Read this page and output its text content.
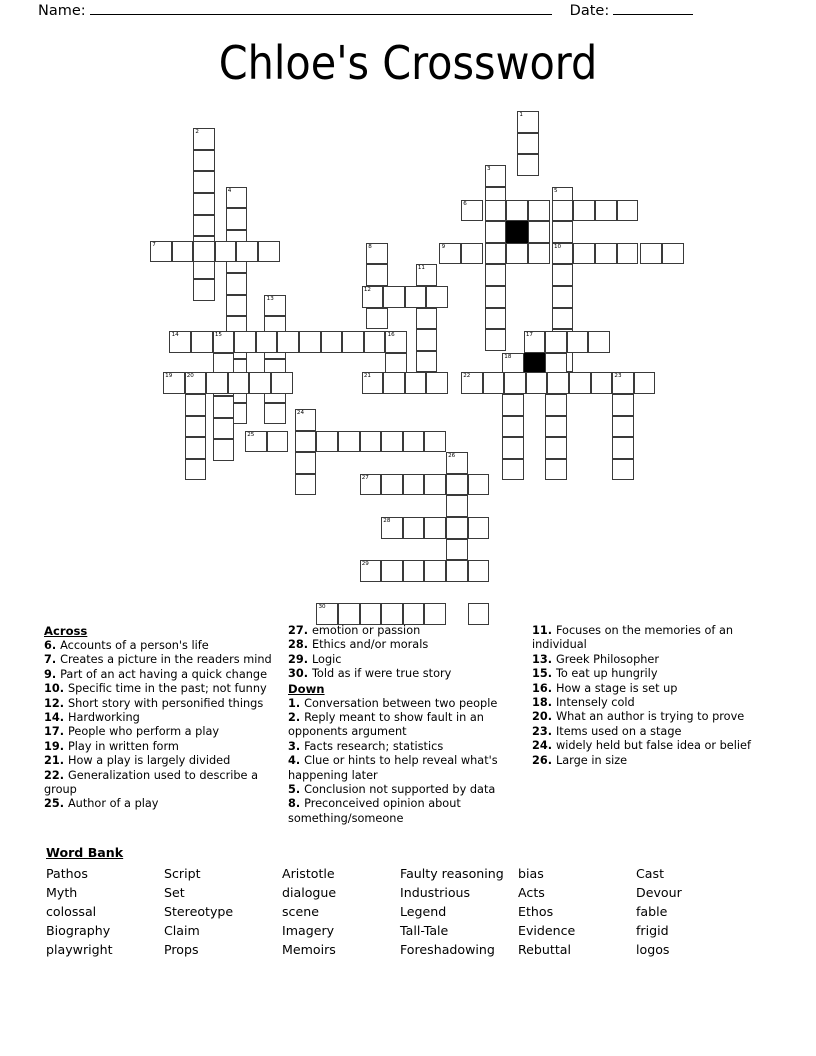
Name:	Date:
Chloe's Crossword
1
2
3
4	5
6
7	8	9	10
11
12
13
14	15	16	17
18
19	20	21	22	23
24
25
26
27
28
29
30
Across
6. Accounts of a person's life
7. Creates a picture in the readers mind
9. Part of an act having a quick change
10. Specific time in the past; not funny
12. Short story with personified things
14. Hardworking
17. People who perform a play
19. Play in written form
21. How a play is largely divided
22. Generalization used to describe a group
25. Author of a play
27. emotion or passion
28. Ethics and/or morals
29. Logic
30. Told as if were true story
Down
1. Conversation between two people
2. Reply meant to show fault in an opponents argument
3. Facts research; statistics
4. Clue or hints to help reveal what's happening later
5. Conclusion not supported by data
8. Preconceived opinion about something/someone
11. Focuses on the memories of an individual
13. Greek Philosopher
15. To eat up hungrily
16. How a stage is set up
18. Intensely cold
20. What an author is trying to prove
23. Items used on a stage
24. widely held but false idea or belief
26. Large in size
Word Bank
Pathos	Script	Aristotle	Faulty reasoning	bias	Cast
Myth	Set	dialogue	Industrious	Acts	Devour
colossal	Stereotype	scene	Legend	Ethos	fable
Biography	Claim	Imagery	Tall-Tale	Evidence	frigid
playwright	Props	Memoirs	Foreshadowing	Rebuttal	logos
